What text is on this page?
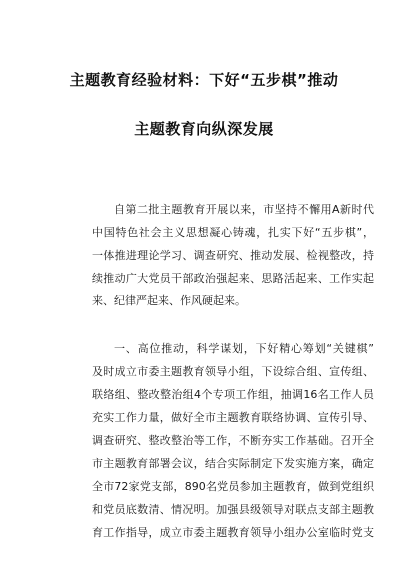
主题教育经验材料：下好“五步棋”推动
主题教育向纵深发展
自第二批主题教育开展以来，市坚持不懈用A新时代
中国特色社会主义思想凝心铸魂，扎实下好“五步棋”，
一体推进理论学习、调查研究、推动发展、检视整改，持
续推动广大党员干部政治强起来、思路活起来、工作实起
来、纪律严起来、作风硬起来。
一、高位推动，科学谋划，下好精心筹划“关键棋”
及时成立市委主题教育领导小组，下设综合组、宣传组、
联络组、整改整治组4个专项工作组，抽调16名工作人员
充实工作力量，做好全市主题教育联络协调、宣传引导、
调查研究、整改整治等工作，不断夯实工作基础。召开全
市主题教育部署会议，结合实际制定下发实施方案，确定
全市72家党支部，890名党员参加主题教育，做到党组织
和党员底数清、情况明。加强县级领导对联点支部主题教
育工作指导，成立市委主题教育领导小组办公室临时党支
